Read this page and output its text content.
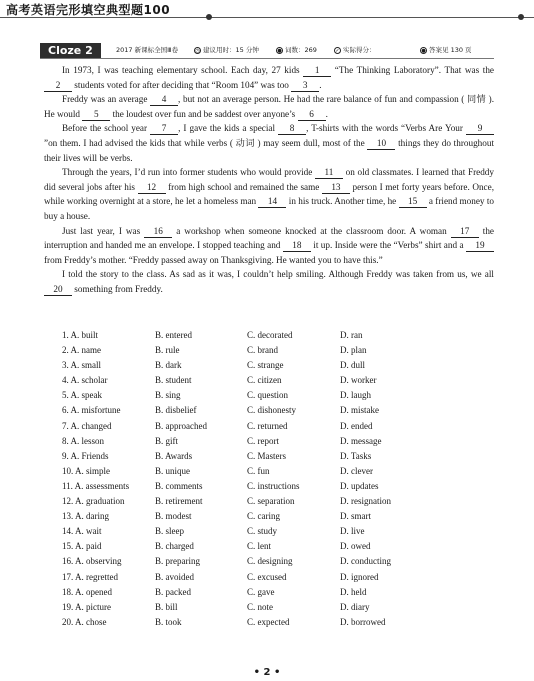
高考英语完形填空典型题100
Cloze 2	2017 新课标全国Ⅲ卷	◷ 建议用时：15 分钟	● 词数：269	✓ 实际得分：	● 答案见 130 页

In 1973, I was teaching elementary school. Each day, 27 kids 1 “The Thinking Laboratory”. That was the 2 students voted for after deciding that “Room 104” was too 3 .

Freddy was an average 4 , but not an average person. He had the rare balance of fun and compassion ( 同情 ). He would 5 the loudest over fun and be saddest over anyone’s 6 .

Before the school year 7 , I gave the kids a special 8 , T-shirts with the words “Verbs Are Your 9 ”on them. I had advised the kids that while verbs ( 动词 ) may seem dull, most of the 10 things they do throughout their lives will be verbs.

Through the years, I’d run into former students who would provide 11 on old classmates. I learned that Freddy did several jobs after his 12 from high school and remained the same 13 person I met forty years before. Once, while working overnight at a store, he let a homeless man 14 in his truck. Another time, he 15 a friend money to buy a house.

Just last year, I was 16 a workshop when someone knocked at the classroom door. A woman 17 the interruption and handed me an envelope. I stopped teaching and 18 it up. Inside were the “Verbs” shirt and a 19 from Freddy’s mother. “Freddy passed away on Thanksgiving. He wanted you to have this.”

I told the story to the class. As sad as it was, I couldn’t help smiling. Although Freddy was taken from us, we all 20 something from Freddy.

1. A. built	B. entered	C. decorated	D. ran
2. A. name	B. rule	C. brand	D. plan
3. A. small	B. dark	C. strange	D. dull
4. A. scholar	B. student	C. citizen	D. worker
5. A. speak	B. sing	C. question	D. laugh
6. A. misfortune	B. disbelief	C. dishonesty	D. mistake
7. A. changed	B. approached	C. returned	D. ended
8. A. lesson	B. gift	C. report	D. message
9. A. Friends	B. Awards	C. Masters	D. Tasks
10. A. simple	B. unique	C. fun	D. clever
11. A. assessments	B. comments	C. instructions	D. updates
12. A. graduation	B. retirement	C. separation	D. resignation
13. A. daring	B. modest	C. caring	D. smart
14. A. wait	B. sleep	C. study	D. live
15. A. paid	B. charged	C. lent	D. owed
16. A. observing	B. preparing	C. designing	D. conducting
17. A. regretted	B. avoided	C. excused	D. ignored
18. A. opened	B. packed	C. gave	D. held
19. A. picture	B. bill	C. note	D. diary
20. A. chose	B. took	C. expected	D. borrowed
• 2 •
